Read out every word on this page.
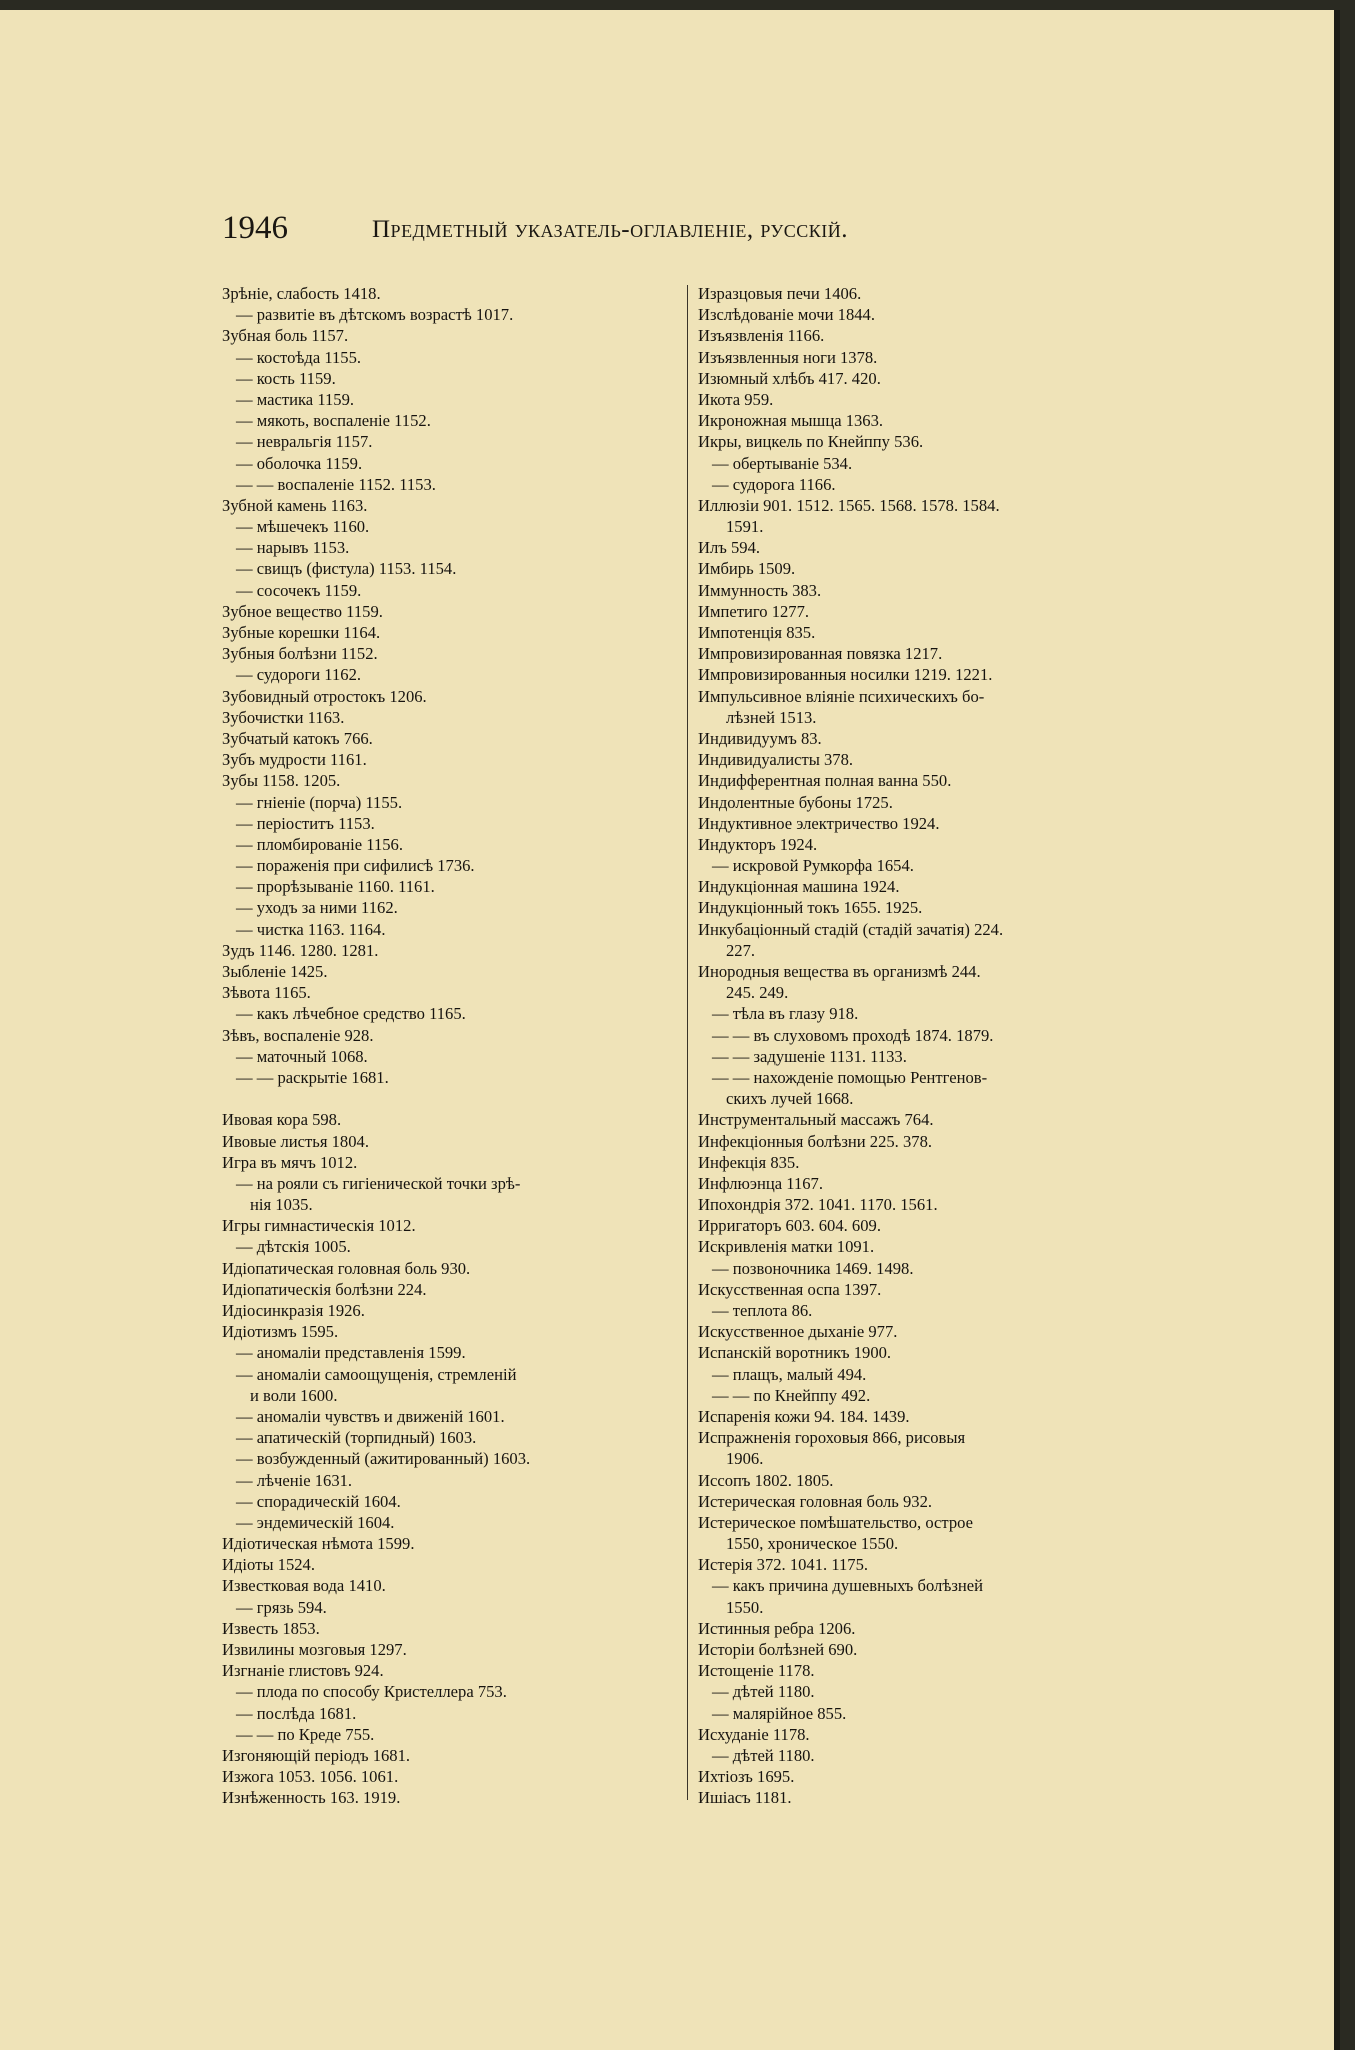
1946	Предметный указатель-оглавленіе, русскій.
Зрѣніе, слабость 1418.
— развитіе въ дѣтскомъ возрастѣ 1017.
Зубная боль 1157.
— костоѣда 1155.
— кость 1159.
— мастика 1159.
— мякоть, воспаленіе 1152.
— невральгія 1157.
— оболочка 1159.
— — воспаленіе 1152. 1153.
Зубной камень 1163.
— мѣшечекъ 1160.
— нарывъ 1153.
— свищъ (фистула) 1153. 1154.
— сосочекъ 1159.
Зубное вещество 1159.
Зубные корешки 1164.
Зубныя болѣзни 1152.
— судороги 1162.
Зубовидный отростокъ 1206.
Зубочистки 1163.
Зубчатый катокъ 766.
Зубъ мудрости 1161.
Зубы 1158. 1205.
— гніеніе (порча) 1155.
— періоститъ 1153.
— пломбированіе 1156.
— пораженія при сифилисѣ 1736.
— прорѣзываніе 1160. 1161.
— уходъ за ними 1162.
— чистка 1163. 1164.
Зудъ 1146. 1280. 1281.
Зыбленіе 1425.
Зѣвота 1165.
— какъ лѣчебное средство 1165.
Зѣвъ, воспаленіе 928.
— маточный 1068.
— — раскрытіе 1681.
Ивовая кора 598.
Ивовые листья 1804.
Игра въ мячъ 1012.
— на рояли съ гигіенической точки зрѣ-
нія 1035.
Игры гимнастическія 1012.
— дѣтскія 1005.
Идіопатическая головная боль 930.
Идіопатическія болѣзни 224.
Идіосинкразія 1926.
Идіотизмъ 1595.
— аномаліи представленія 1599.
— аномаліи самоощущенія, стремленій
и воли 1600.
— аномаліи чувствъ и движеній 1601.
— апатическій (торпидный) 1603.
— возбужденный (ажитированный) 1603.
— лѣченіе 1631.
— спорадическій 1604.
— эндемическій 1604.
Идіотическая нѣмота 1599.
Идіоты 1524.
Известковая вода 1410.
— грязь 594.
Известь 1853.
Извилины мозговыя 1297.
Изгнаніе глистовъ 924.
— плода по способу Кристеллера 753.
— послѣда 1681.
— — по Креде 755.
Изгоняющій періодъ 1681.
Изжога 1053. 1056. 1061.
Изнѣженность 163. 1919.
Изразцовыя печи 1406.
Изслѣдованіе мочи 1844.
Изъязвленія 1166.
Изъязвленныя ноги 1378.
Изюмный хлѣбъ 417. 420.
Икота 959.
Икроножная мышца 1363.
Икры, вицкель по Кнейппу 536.
— обертываніе 534.
— судорога 1166.
Иллюзіи 901. 1512. 1565. 1568. 1578. 1584.
1591.
Илъ 594.
Имбирь 1509.
Иммунность 383.
Импетиго 1277.
Импотенція 835.
Импровизированная повязка 1217.
Импровизированныя носилки 1219. 1221.
Импульсивное вліяніе психическихъ бо-
лѣзней 1513.
Индивидуумъ 83.
Индивидуалисты 378.
Индифферентная полная ванна 550.
Индолентные бубоны 1725.
Индуктивное электричество 1924.
Индукторъ 1924.
— искровой Румкорфа 1654.
Индукціонная машина 1924.
Индукціонный токъ 1655. 1925.
Инкубаціонный стадій (стадій зачатія) 224.
227.
Инородныя вещества въ организмѣ 244.
245. 249.
— тѣла въ глазу 918.
— — въ слуховомъ проходѣ 1874. 1879.
— — задушеніе 1131. 1133.
— — нахожденіе помощью Рентгенов-
скихъ лучей 1668.
Инструментальный массажъ 764.
Инфекціонныя болѣзни 225. 378.
Инфекція 835.
Инфлюэнца 1167.
Ипохондрія 372. 1041. 1170. 1561.
Ирригаторъ 603. 604. 609.
Искривленія матки 1091.
— позвоночника 1469. 1498.
Искусственная оспа 1397.
— теплота 86.
Искусственное дыханіе 977.
Испанскій воротникъ 1900.
— плащъ, малый 494.
— — по Кнейппу 492.
Испаренія кожи 94. 184. 1439.
Испражненія гороховыя 866, рисовыя
1906.
Иссопъ 1802. 1805.
Истерическая головная боль 932.
Истерическое помѣшательство, острое
1550, хроническое 1550.
Истерія 372. 1041. 1175.
— какъ причина душевныхъ болѣзней
1550.
Истинныя ребра 1206.
Исторіи болѣзней 690.
Истощеніе 1178.
— дѣтей 1180.
— малярійное 855.
Исхуданіе 1178.
— дѣтей 1180.
Ихтіозъ 1695.
Ишіасъ 1181.
